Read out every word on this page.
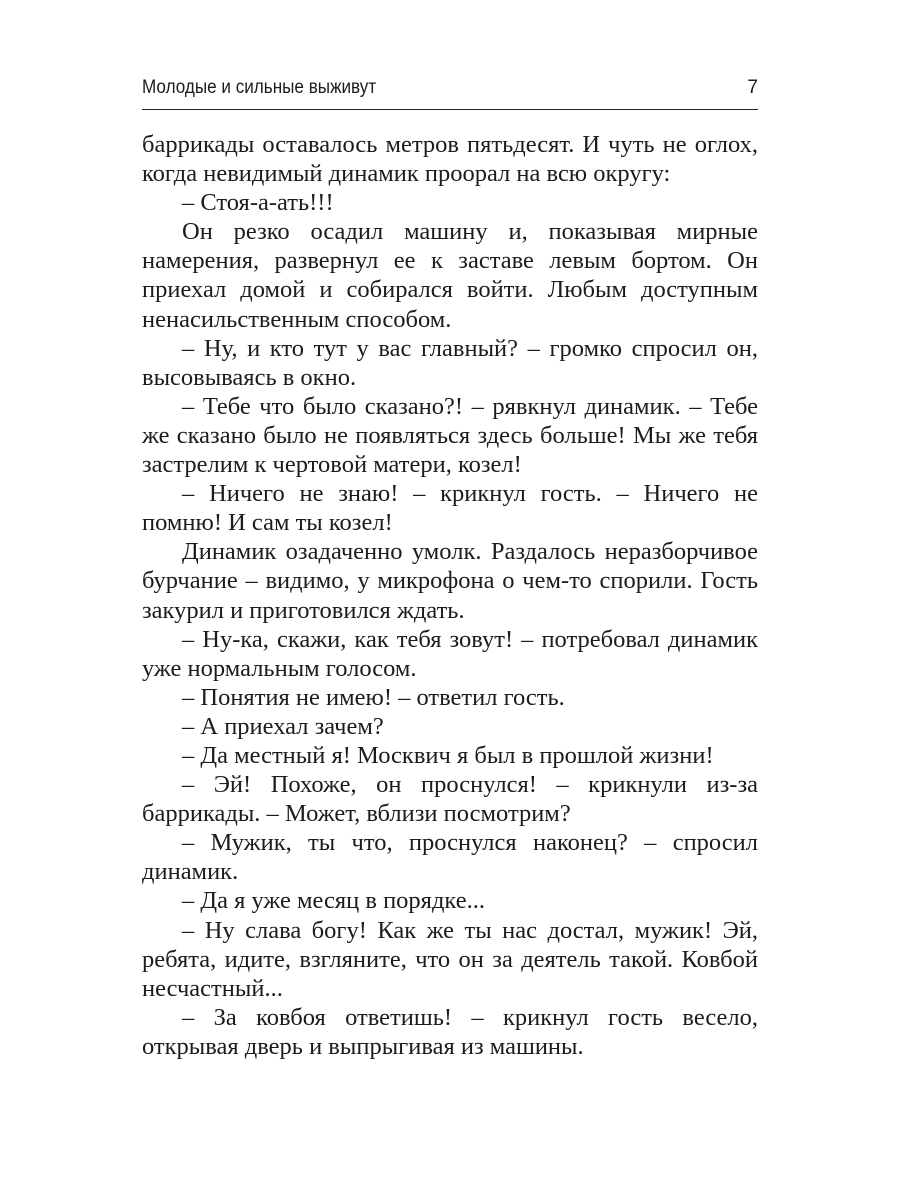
Молодые и сильные выживут	7

баррикады оставалось метров пятьдесят. И чуть не оглох, когда невидимый динамик проорал на всю округу:

– Стоя-а-ать!!!

Он резко осадил машину и, показывая мирные намерения, развернул ее к заставе левым бортом. Он приехал домой и собирался войти. Любым доступным ненасильственным способом.

– Ну, и кто тут у вас главный? – громко спросил он, высовываясь в окно.

– Тебе что было сказано?! – рявкнул динамик. – Тебе же сказано было не появляться здесь больше! Мы же тебя застрелим к чертовой матери, козел!

– Ничего не знаю! – крикнул гость. – Ничего не помню! И сам ты козел!

Динамик озадаченно умолк. Раздалось неразборчивое бурчание – видимо, у микрофона о чем-то спорили. Гость закурил и приготовился ждать.

– Ну-ка, скажи, как тебя зовут! – потребовал динамик уже нормальным голосом.

– Понятия не имею! – ответил гость.

– А приехал зачем?

– Да местный я! Москвич я был в прошлой жизни!

– Эй! Похоже, он проснулся! – крикнули из-за баррикады. – Может, вблизи посмотрим?

– Мужик, ты что, проснулся наконец? – спросил динамик.

– Да я уже месяц в порядке...

– Ну слава богу! Как же ты нас достал, мужик! Эй, ребята, идите, взгляните, что он за деятель такой. Ковбой несчастный...

– За ковбоя ответишь! – крикнул гость весело, открывая дверь и выпрыгивая из машины.
